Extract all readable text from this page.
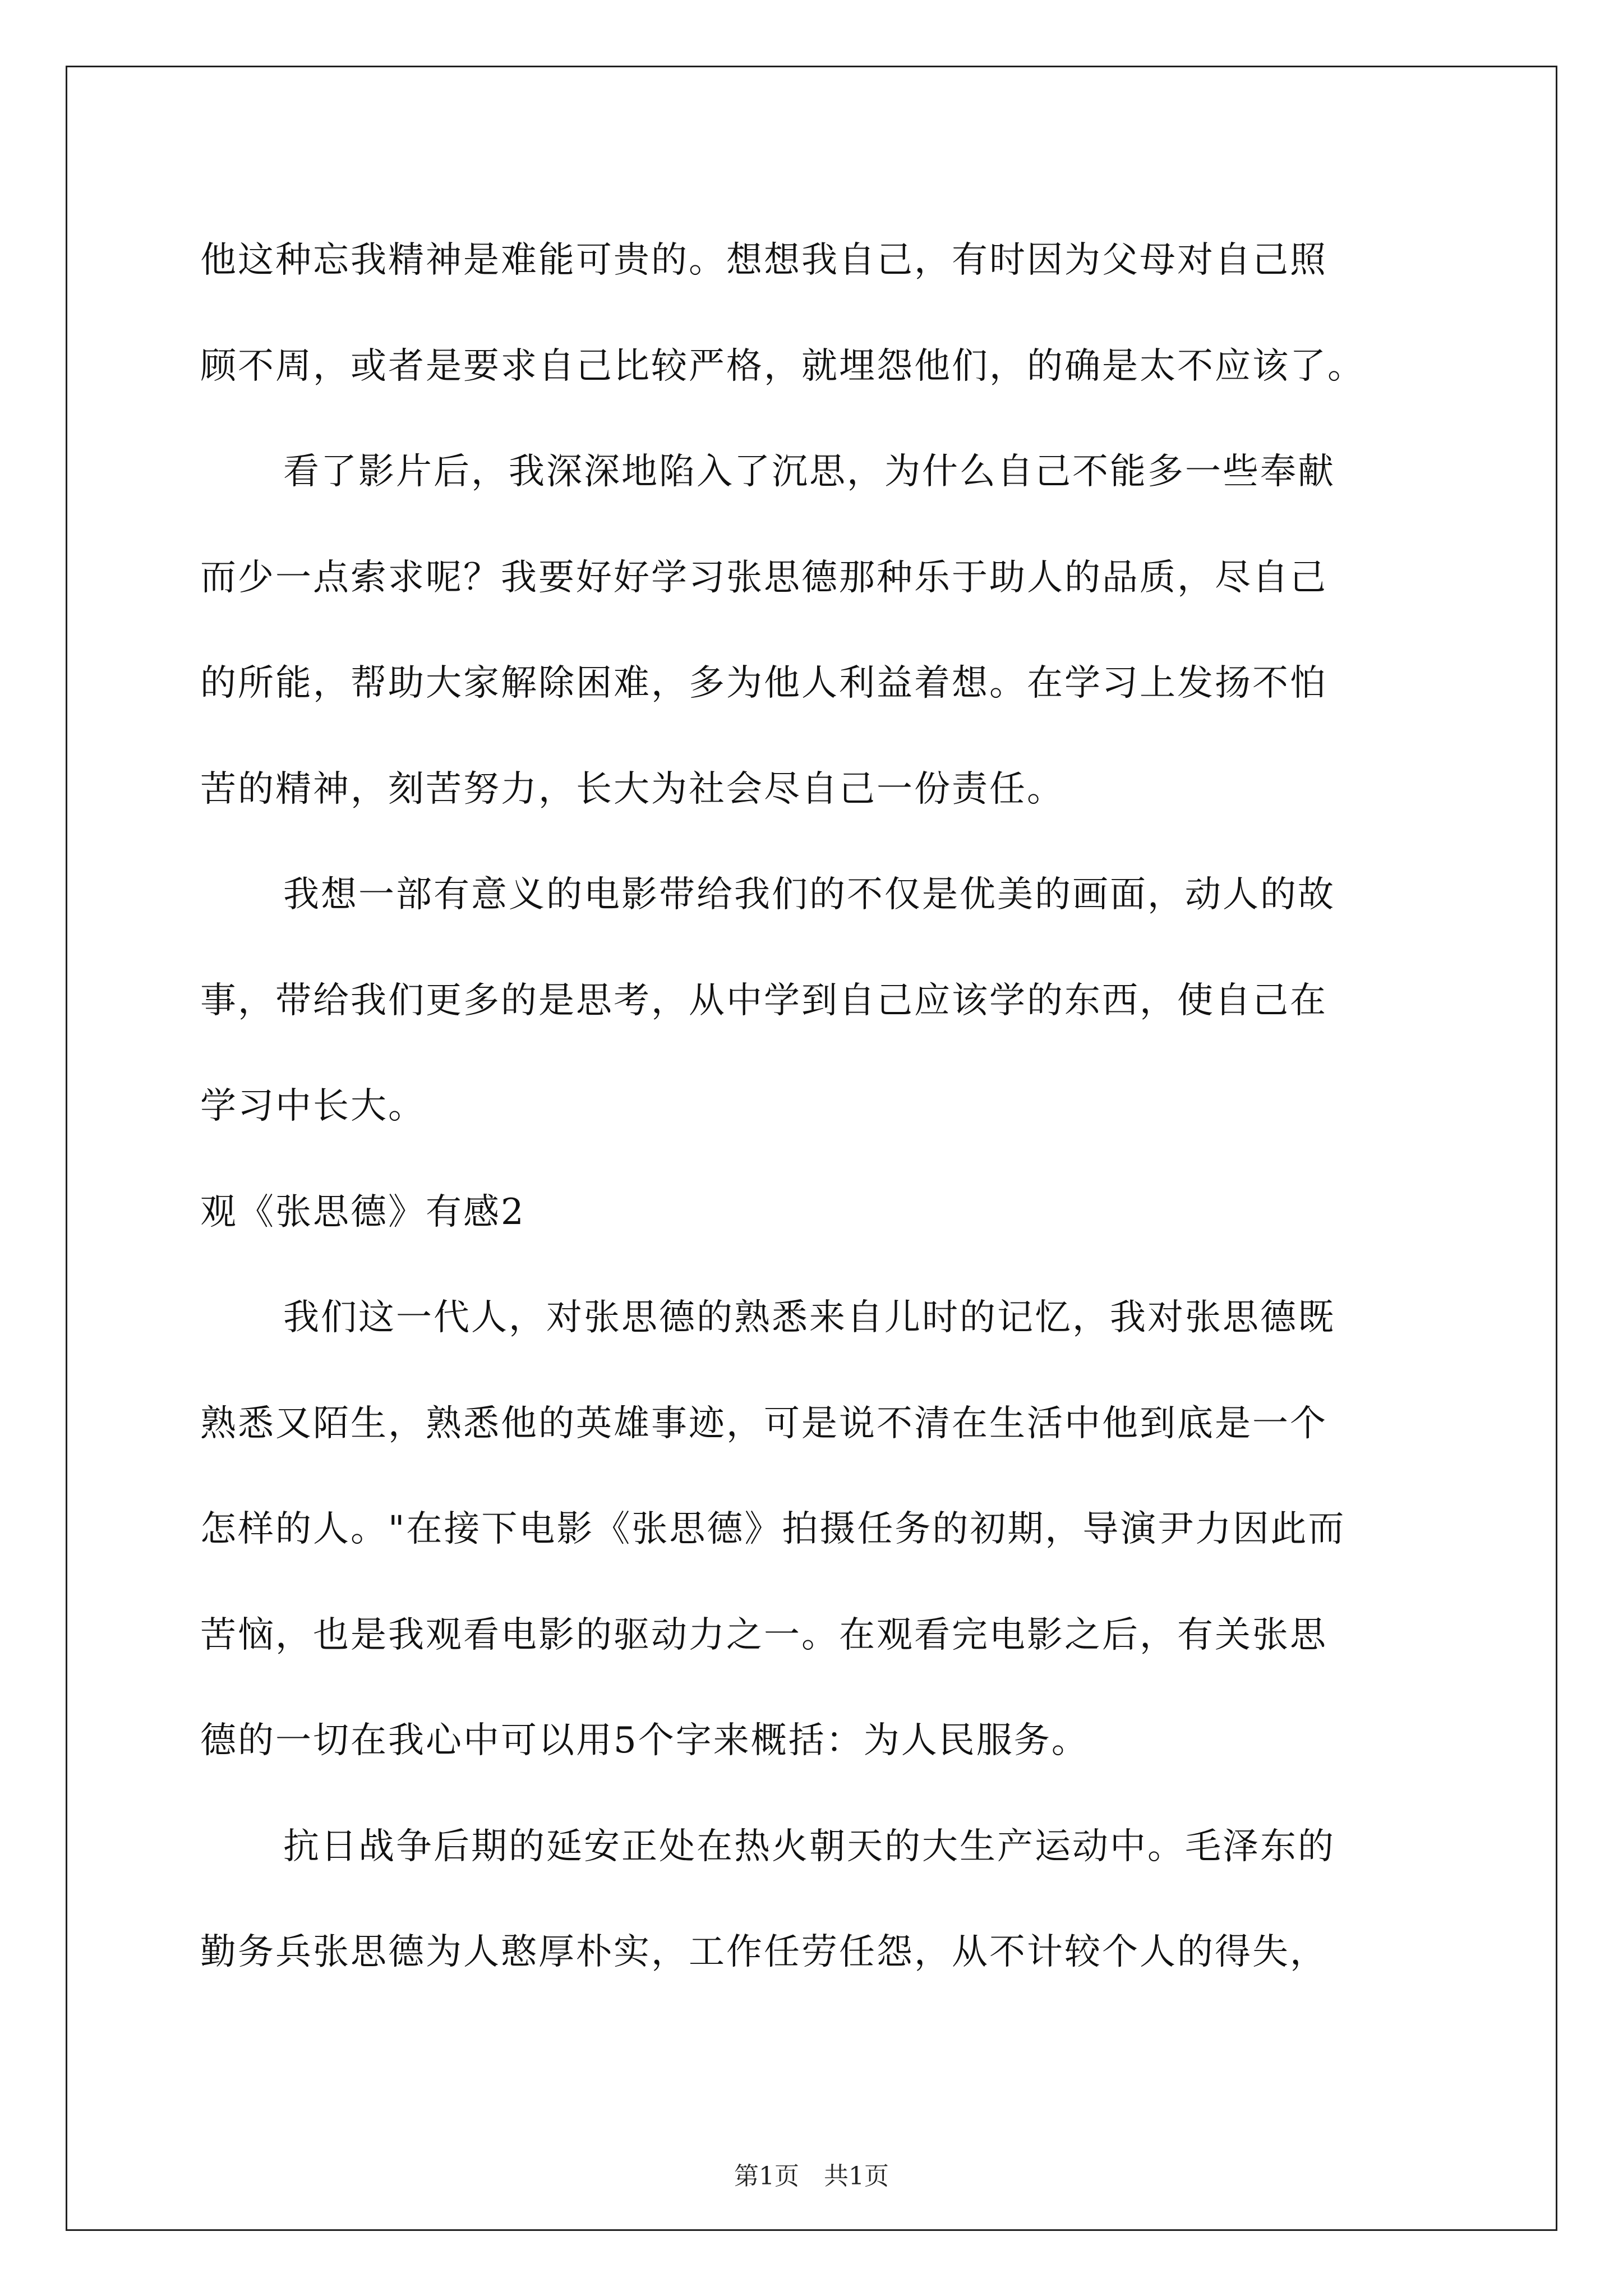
他这种忘我精神是难能可贵的。想想我自己，有时因为父母对自己照
顾不周，或者是要求自己比较严格，就埋怨他们，的确是太不应该了。
看了影片后，我深深地陷入了沉思，为什么自己不能多一些奉献
而少一点索求呢？我要好好学习张思德那种乐于助人的品质，尽自己
的所能，帮助大家解除困难，多为他人利益着想。在学习上发扬不怕
苦的精神，刻苦努力，长大为社会尽自己一份责任。
我想一部有意义的电影带给我们的不仅是优美的画面，动人的故
事，带给我们更多的是思考，从中学到自己应该学的东西，使自己在
学习中长大。
观《张思德》有感2
我们这一代人，对张思德的熟悉来自儿时的记忆，我对张思德既
熟悉又陌生，熟悉他的英雄事迹，可是说不清在生活中他到底是一个
怎样的人。"在接下电影《张思德》拍摄任务的初期，导演尹力因此而
苦恼，也是我观看电影的驱动力之一。在观看完电影之后，有关张思
德的一切在我心中可以用5个字来概括：为人民服务。
抗日战争后期的延安正处在热火朝天的大生产运动中。毛泽东的
勤务兵张思德为人憨厚朴实，工作任劳任怨，从不计较个人的得失，
第1页　共1页
